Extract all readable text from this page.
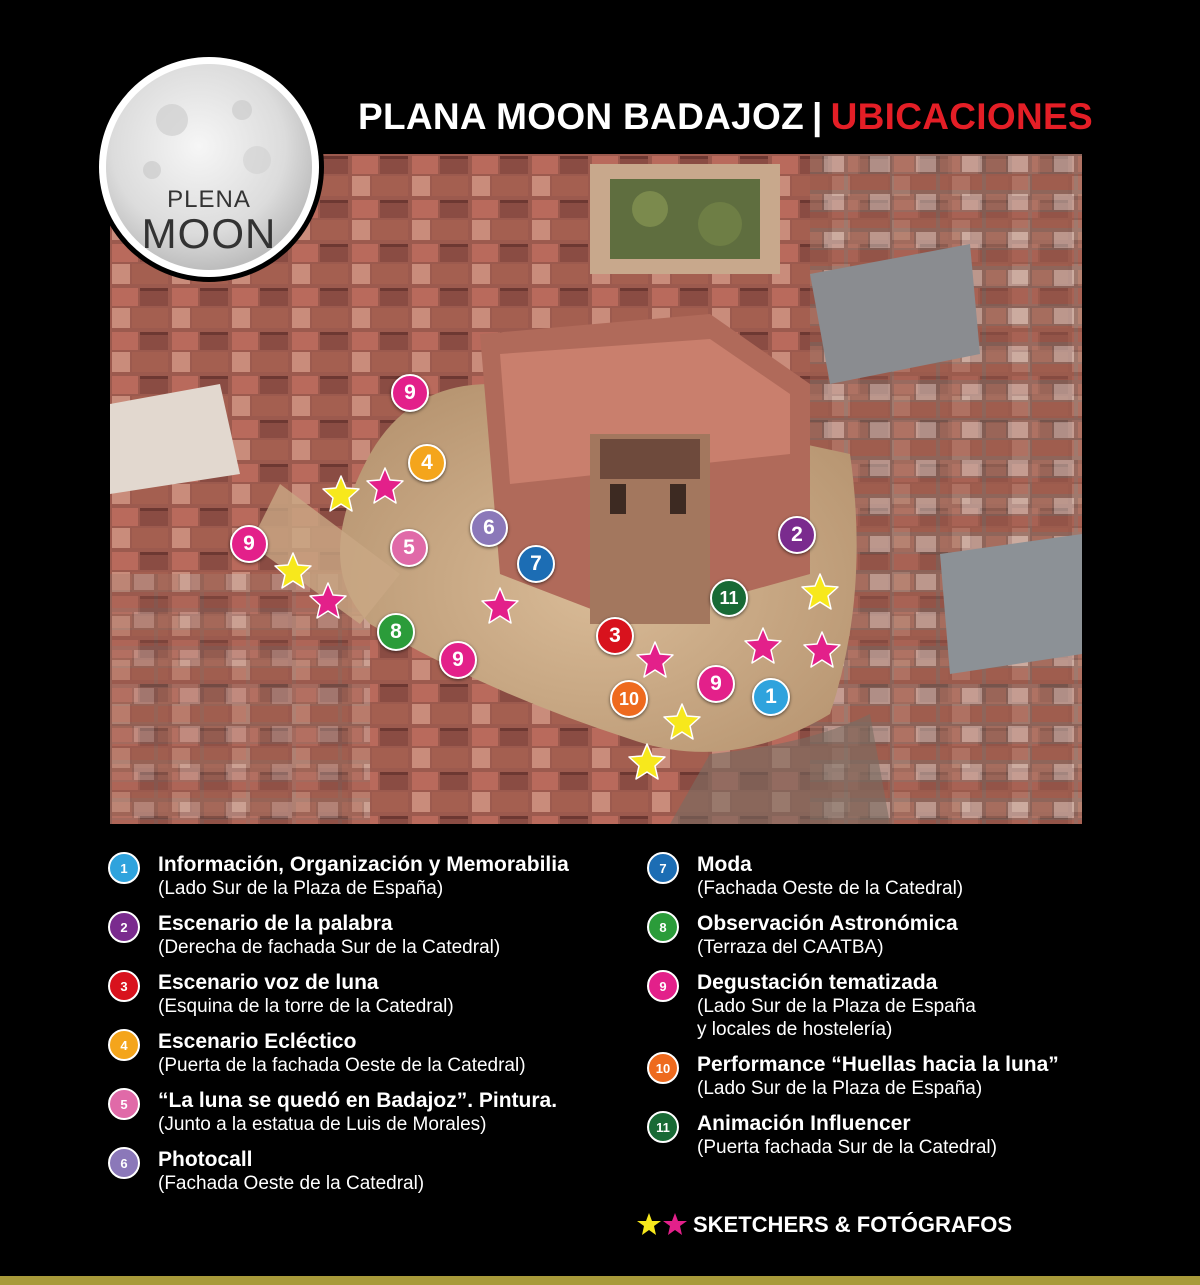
PLANA MOON BADAJOZ | UBICACIONES
PLENA
MOON
9
4
9	5
6
7
2
11
8
9
3
9
1
10
1	Información, Organización y Memorabilia
(Lado Sur de la Plaza de España)
2	Escenario de la palabra
(Derecha de fachada Sur de la Catedral)
3	Escenario voz de luna
(Esquina de la torre de la Catedral)
4	Escenario Ecléctico
(Puerta de la fachada Oeste de la Catedral)
5	“La luna se quedó en Badajoz”. Pintura.
(Junto a la estatua de Luis de Morales)
6	Photocall
(Fachada Oeste de la Catedral)
7	Moda
(Fachada Oeste de la Catedral)
8	Observación Astronómica
(Terraza del CAATBA)
9	Degustación tematizada
(Lado Sur de la Plaza de España
y locales de hostelería)
10	Performance “Huellas hacia la luna”
(Lado Sur de la Plaza de España)
11	Animación Influencer
(Puerta fachada Sur de la Catedral)
SKETCHERS & FOTÓGRAFOS
